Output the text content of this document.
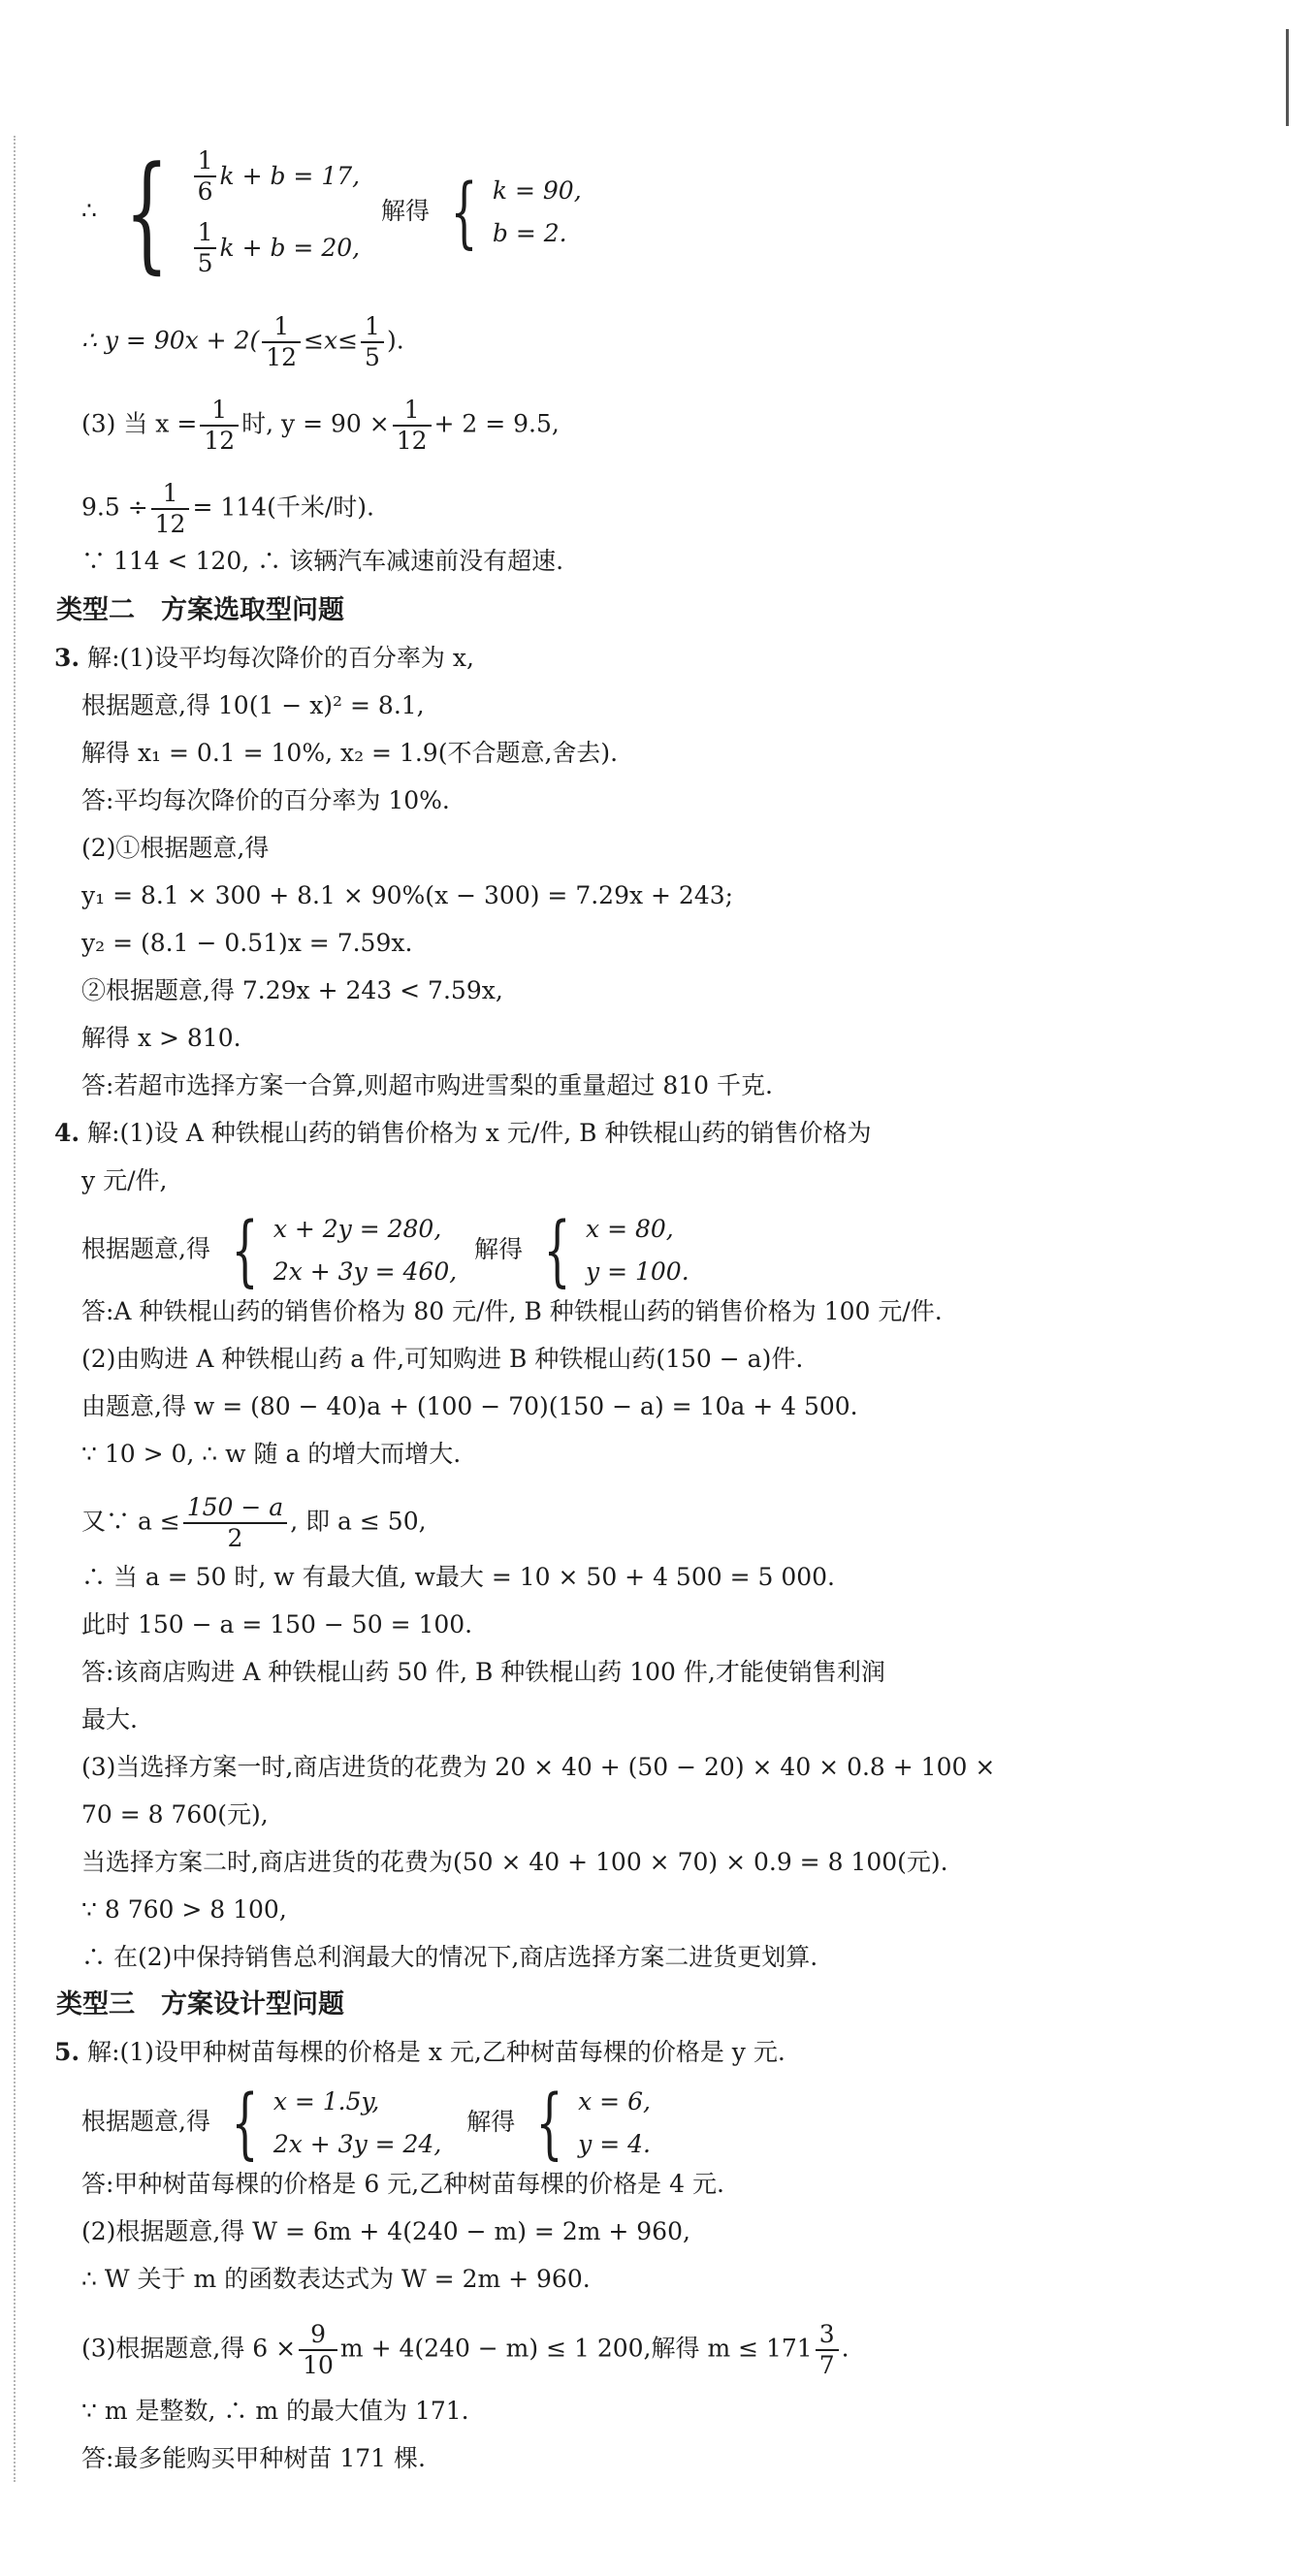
∴ { $\frac{1}{6}$ k + b = 17,
$\frac{1}{5}$ k + b = 20,
解得 { k = 90,
b = 2.
∴ $y = 90x + 2( \frac{1}{12} \le x\le \frac{1}{5}$ ).
(3) 当 $x = \frac{1}{12}$ 时, $y = 90 \times \frac{1}{12} + 2 = 9.5$,
$9.5 \div \frac{1}{12} = 114$(千米/时).
∵ 114 < 120, ∴ 该辆汽车减速前没有超速.
类型二　方案选取型问题
3. 解:(1)设平均每次降价的百分率为 x,
根据题意,得 10(1 − x)² = 8.1,
解得 x₁ = 0.1 = 10%, x₂ = 1.9(不合题意,舍去).
答:平均每次降价的百分率为 10%.
(2)①根据题意,得
y₁ = 8.1 × 300 + 8.1 × 90%(x − 300) = 7.29x + 243;
y₂ = (8.1 − 0.51)x = 7.59x.
②根据题意,得 7.29x + 243 < 7.59x,
解得 x > 810.
答:若超市选择方案一合算,则超市购进雪梨的重量超过 810 千克.
4. 解:(1)设 A 种铁棍山药的销售价格为 x 元/件, B 种铁棍山药的销售价格为
y 元/件,
根据题意,得 { x + 2y = 280,
2x + 3y = 460,
解得 { x = 80,
y = 100.
答:A 种铁棍山药的销售价格为 80 元/件, B 种铁棍山药的销售价格为 100 元/件.
(2)由购进 A 种铁棍山药 a 件,可知购进 B 种铁棍山药(150 − a)件.
由题意,得 w = (80 − 40)a + (100 − 70)(150 − a) = 10a + 4 500.
∵ 10 > 0, ∴ w 随 a 的增大而增大.
又∵ $a \le \frac{150 - a}{2}$ , 即 a ≤ 50,
∴ 当 a = 50 时, w 有最大值, w最大 = 10 × 50 + 4 500 = 5 000.
此时 150 − a = 150 − 50 = 100.
答:该商店购进 A 种铁棍山药 50 件, B 种铁棍山药 100 件,才能使销售利润
最大.
(3)当选择方案一时,商店进货的花费为 20 × 40 + (50 − 20) × 40 × 0.8 + 100 ×
70 = 8 760(元),
当选择方案二时,商店进货的花费为(50 × 40 + 100 × 70) × 0.9 = 8 100(元).
∵ 8 760 > 8 100,
∴ 在(2)中保持销售总利润最大的情况下,商店选择方案二进货更划算.
类型三　方案设计型问题
5. 解:(1)设甲种树苗每棵的价格是 x 元,乙种树苗每棵的价格是 y 元.
根据题意,得 { x = 1.5y,
2x + 3y = 24,
解得 { x = 6,
y = 4.
答:甲种树苗每棵的价格是 6 元,乙种树苗每棵的价格是 4 元.
(2)根据题意,得 W = 6m + 4(240 − m) = 2m + 960,
∴ W 关于 m 的函数表达式为 W = 2m + 960.
(3)根据题意,得 $6 \times \frac{9}{10}$ m + 4(240 − m) ≤ 1 200,解得 $m \le 171 \frac{3}{7}$ .
∵ m 是整数, ∴ m 的最大值为 171.
答:最多能购买甲种树苗 171 棵.
